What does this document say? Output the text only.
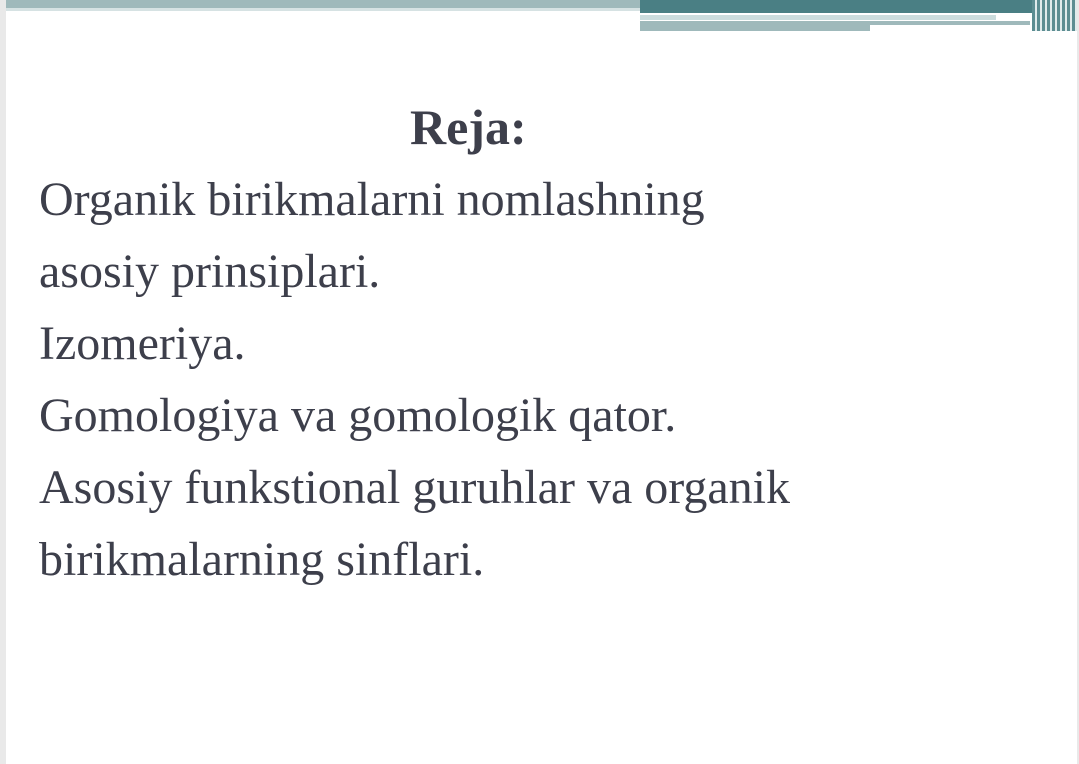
Reja:

Organik birikmalarni nomlashning

asosiy prinsiplari.

Izomeriya.

Gomologiya va gomologik qator.

Asosiy funkstional guruhlar va organik

birikmalarning sinflari.
